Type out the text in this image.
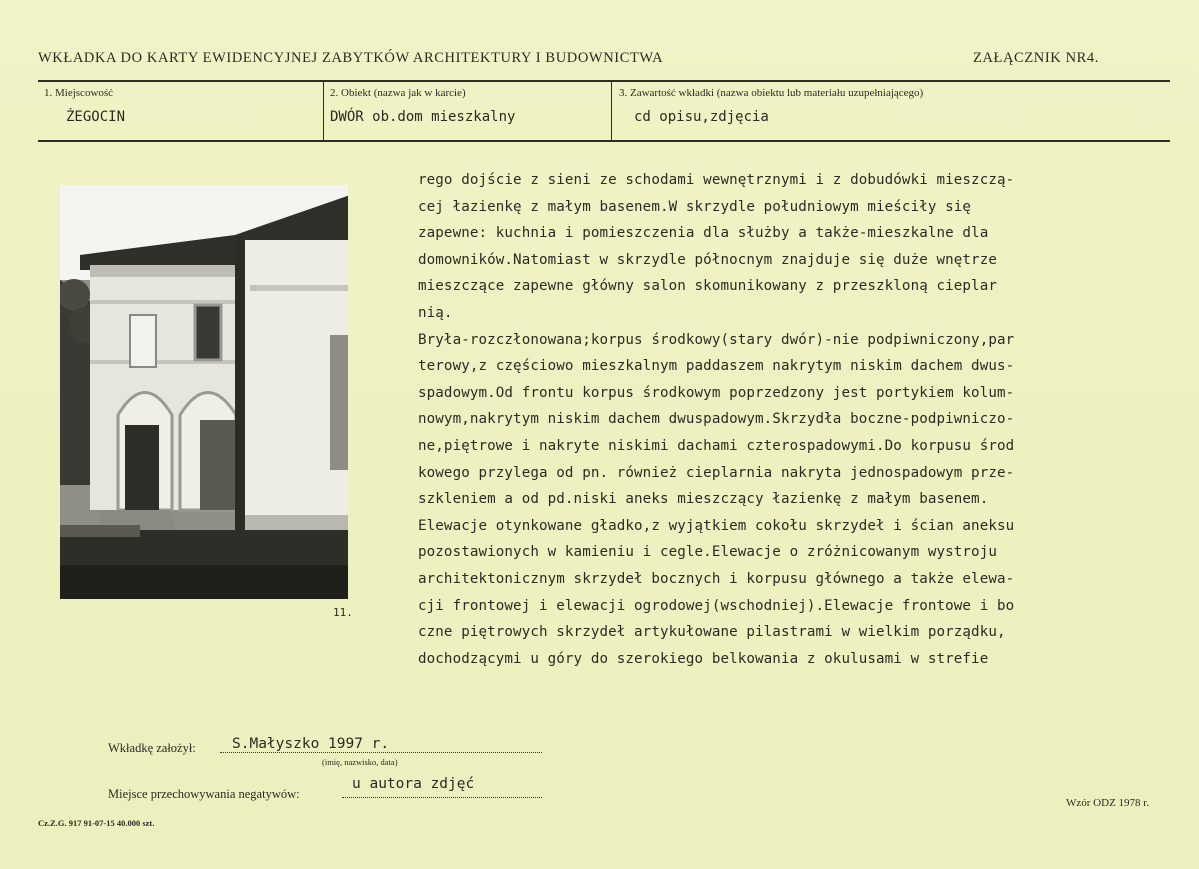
WKŁADKA DO KARTY EWIDENCYJNEJ ZABYTKÓW ARCHITEKTURY I BUDOWNICTWA	ZAŁĄCZNIK NR4.
1. Miejscowość
ŻEGOCIN
2. Obiekt (nazwa jak w karcie)
DWÓR ob.dom mieszkalny
3. Zawartość wkładki (nazwa obiektu lub materiału uzupełniającego)
cd opisu,zdjęcia
11.
rego dojście z sieni ze schodami wewnętrznymi i z dobudówki mieszczą-
cej łazienkę z małym basenem.W skrzydle południowym mieściły się
zapewne: kuchnia i pomieszczenia dla służby a także-mieszkalne dla
domowników.Natomiast w skrzydle północnym znajduje się duże wnętrze
mieszczące zapewne główny salon skomunikowany z przeszkloną cieplar
nią.
Bryła-rozczłonowana;korpus środkowy(stary dwór)-nie podpiwniczony,par
terowy,z częściowo mieszkalnym paddaszem nakrytym niskim dachem dwus-
spadowym.Od frontu korpus środkowym poprzedzony jest portykiem kolum-
nowym,nakrytym niskim dachem dwuspadowym.Skrzydła boczne-podpiwniczo-
ne,piętrowe i nakryte niskimi dachami czterospadowymi.Do korpusu środ
kowego przylega od pn. również cieplarnia nakryta jednospadowym prze-
szkleniem a od pd.niski aneks mieszczący łazienkę z małym basenem.
Elewacje otynkowane gładko,z wyjątkiem cokołu skrzydeł i ścian aneksu
pozostawionych w kamieniu i cegle.Elewacje o zróżnicowanym wystroju
architektonicznym skrzydeł bocznych i korpusu głównego a także elewa-
cji frontowej i elewacji ogrodowej(wschodniej).Elewacje frontowe i bo
czne piętrowych skrzydeł artykułowane pilastrami w wielkim porządku,
dochodzącymi u góry do szerokiego belkowania z okulusami w strefie
Wkładkę założył: S.Małyszko 1997 r.
(imię, nazwisko, data)
Miejsce przechowywania negatywów:
u autora zdjęć
Cz.Z.G. 917 91-07-15 40.000 szt.
Wzór ODZ 1978 r.
